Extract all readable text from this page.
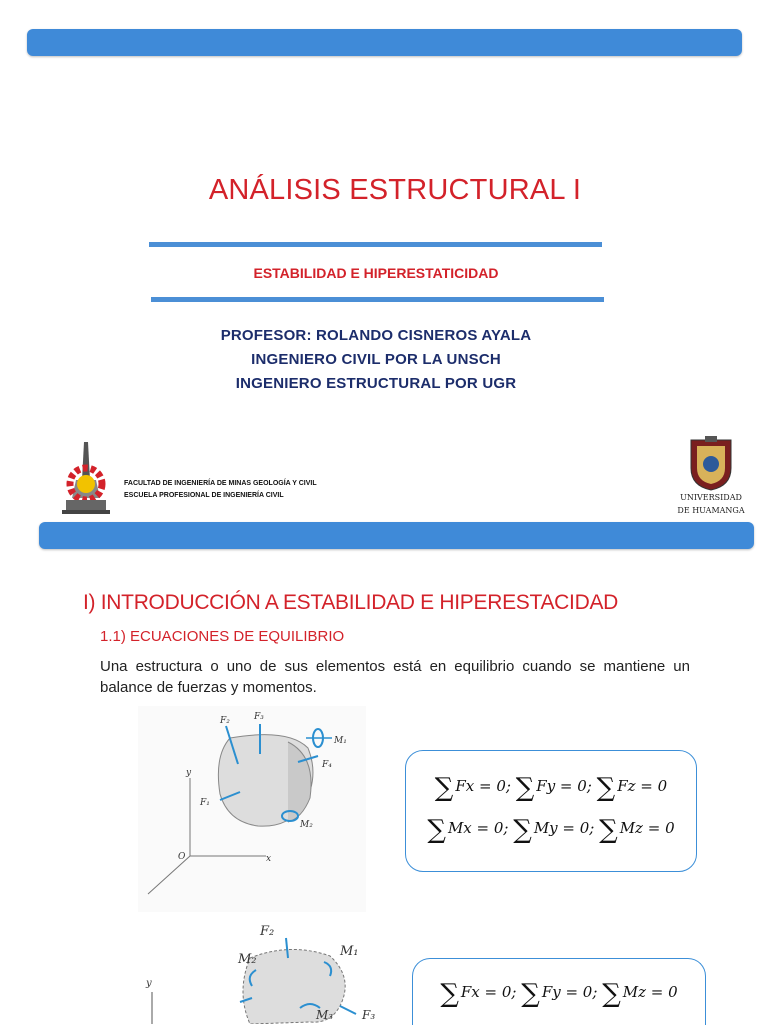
ANÁLISIS ESTRUCTURAL I
ESTABILIDAD E HIPERESTATICIDAD
PROFESOR: ROLANDO CISNEROS AYALA
INGENIERO CIVIL POR LA UNSCH
INGENIERO ESTRUCTURAL POR UGR
FACULTAD DE INGENIERÍA DE MINAS GEOLOGÍA Y CIVIL
ESCUELA PROFESIONAL DE INGENIERÍA CIVIL	UNIVERSIDAD

DE HUAMANGA
I) INTRODUCCIÓN A ESTABILIDAD E HIPERESTACIDAD
1.1) ECUACIONES DE EQUILIBRIO
Una estructura o uno de sus elementos está en equilibrio cuando se mantiene un balance de fuerzas y momentos.
F₂	F₃
M₁
F₄
F₁
M₂
y
x
O
∑ Fx = 0; ∑ Fy = 0; ∑ Fz = 0
∑ Mx = 0; ∑ My = 0; ∑ Mz = 0
F₂
M₁
M₂
M₃ F₃
y	∑ Fx = 0; ∑ Fy = 0; ∑ Mz = 0
